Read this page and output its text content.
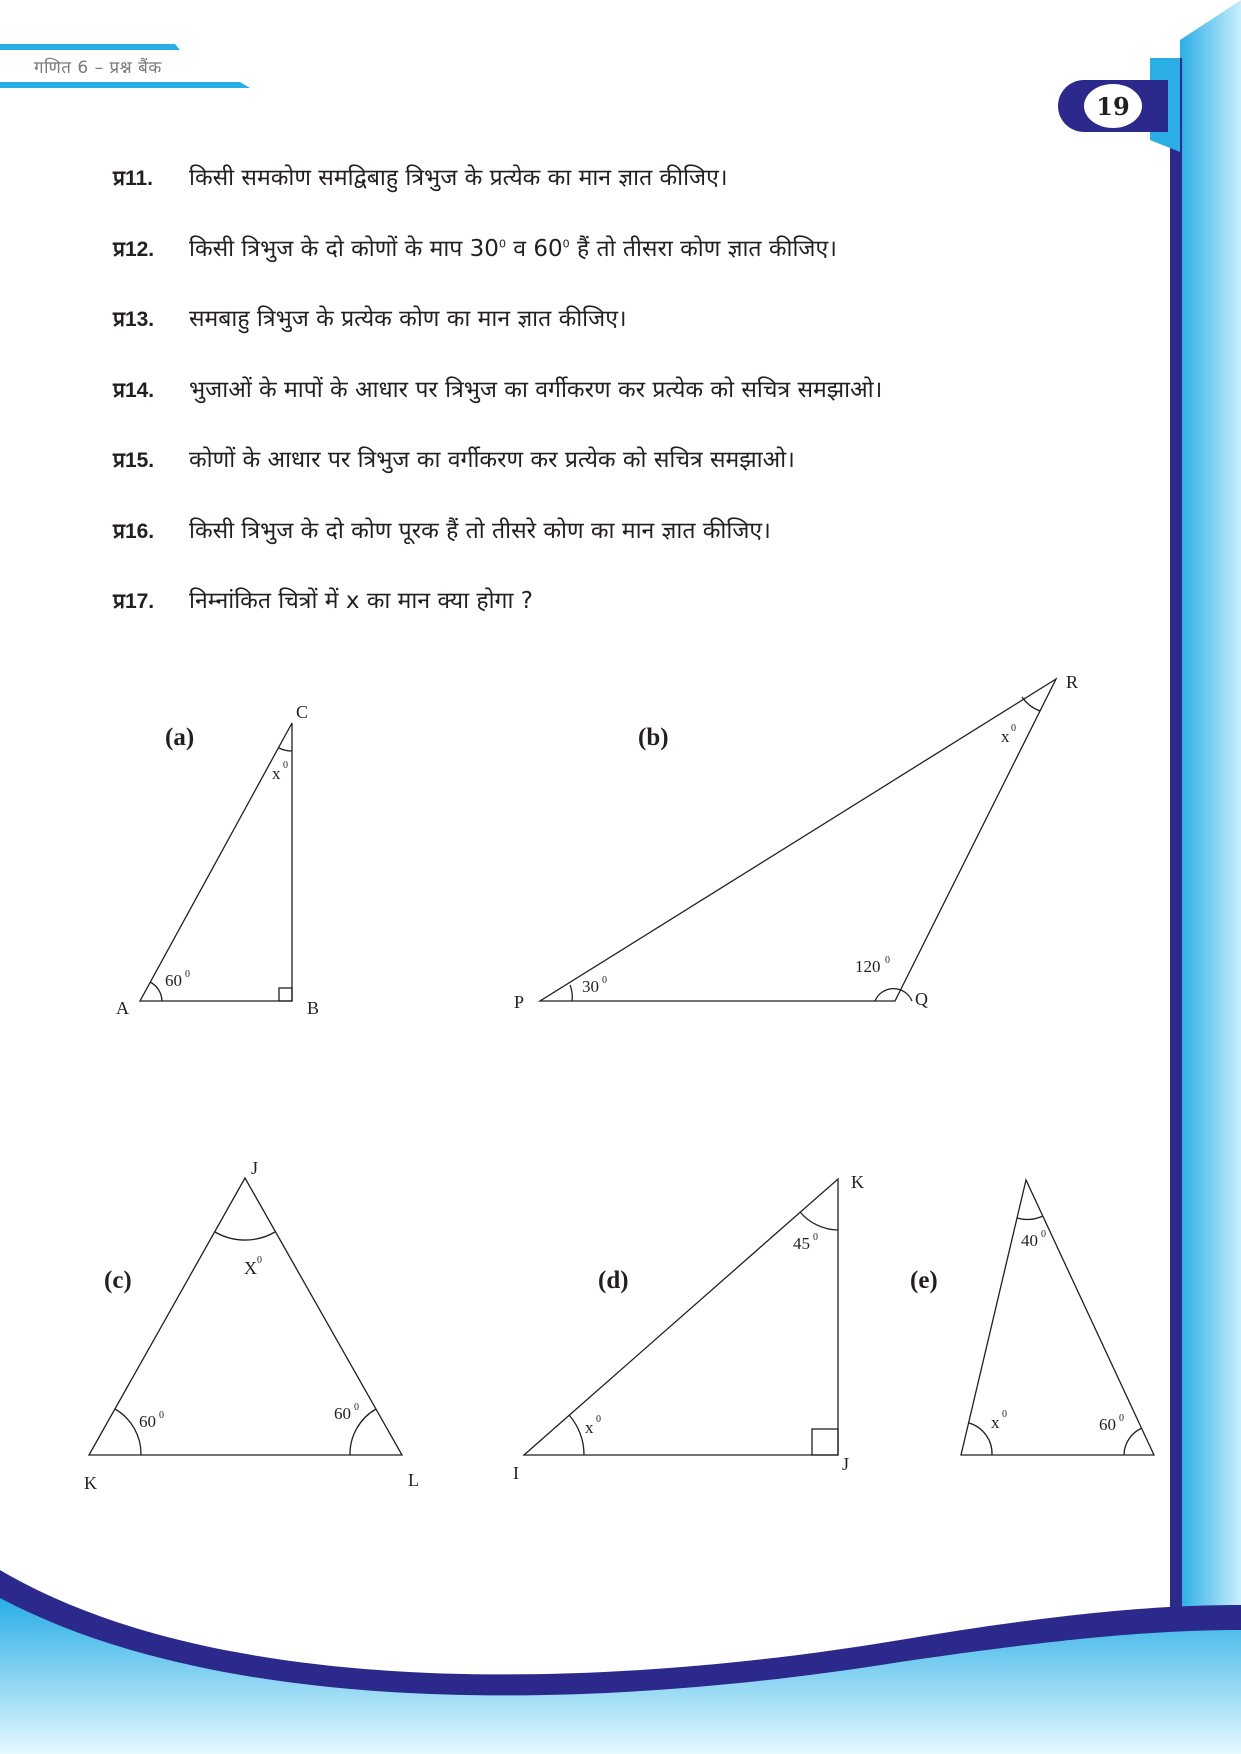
गणित 6 – प्रश्न बैंक
19
प्र11.	किसी समकोण समद्विबाहु त्रिभुज के प्रत्येक का मान ज्ञात कीजिए।
प्र12.	किसी त्रिभुज के दो कोणों के माप $30^0$ व $60^0$ हैं तो तीसरा कोण ज्ञात कीजिए।
प्र13.	समबाहु त्रिभुज के प्रत्येक कोण का मान ज्ञात कीजिए।
प्र14.	भुजाओं के मापों के आधार पर त्रिभुज का वर्गीकरण कर प्रत्येक को सचित्र समझाओ।
प्र15.	कोणों के आधार पर त्रिभुज का वर्गीकरण कर प्रत्येक को सचित्र समझाओ।
प्र16.	किसी त्रिभुज के दो कोण पूरक हैं तो तीसरे कोण का मान ज्ञात कीजिए।
प्र17.	निम्नांकित चित्रों में x का मान क्या होगा ?
(a)
A	B
C
60 0
x 0
(b)
P	Q
R
30 0
120 0
x 0
(c)
J
K	L
X 0
60 0	60 0
(d)
K
I	J
45 0
x 0
(e)
40 0
x 0
60 0
